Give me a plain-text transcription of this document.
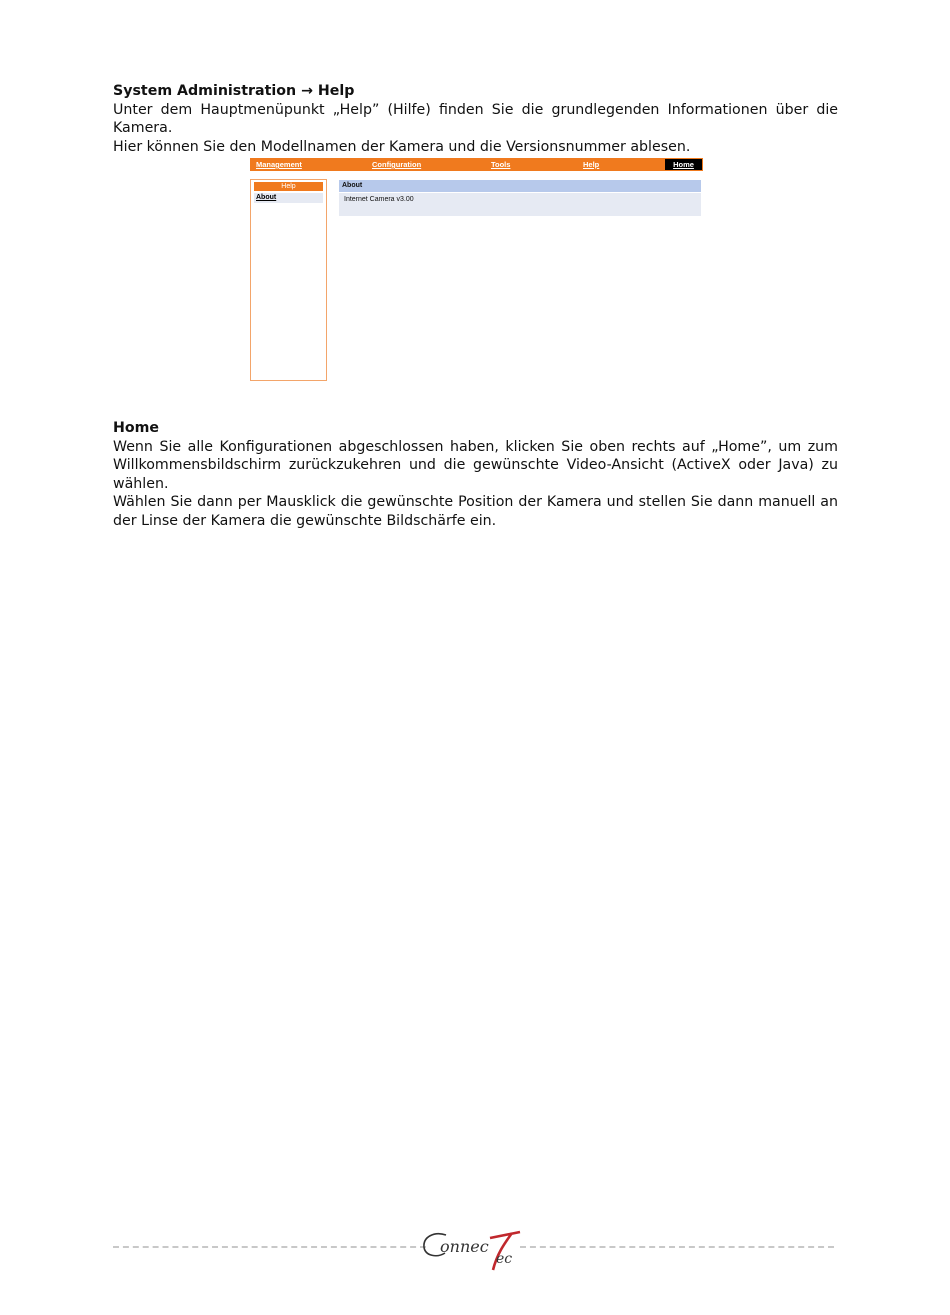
System Administration → Help
Unter dem Hauptmenüpunkt „Help” (Hilfe) finden Sie die grundlegenden Informationen über die Kamera.
Hier können Sie den Modellnamen der Kamera und die Versionsnummer ablesen.
Management	Configuration	Tools	Help	Home
Help
About
About
Internet Camera v3.00
Home
Wenn Sie alle Konfigurationen abgeschlossen haben, klicken Sie oben rechts auf „Home”, um zum Willkommensbildschirm zurückzukehren und die gewünschte Video-Ansicht (ActiveX oder Java) zu wählen.
Wählen Sie dann per Mausklick die gewünschte Position der Kamera und stellen Sie dann manuell an der Linse der Kamera die gewünschte Bildschärfe ein.
onnec
ec
